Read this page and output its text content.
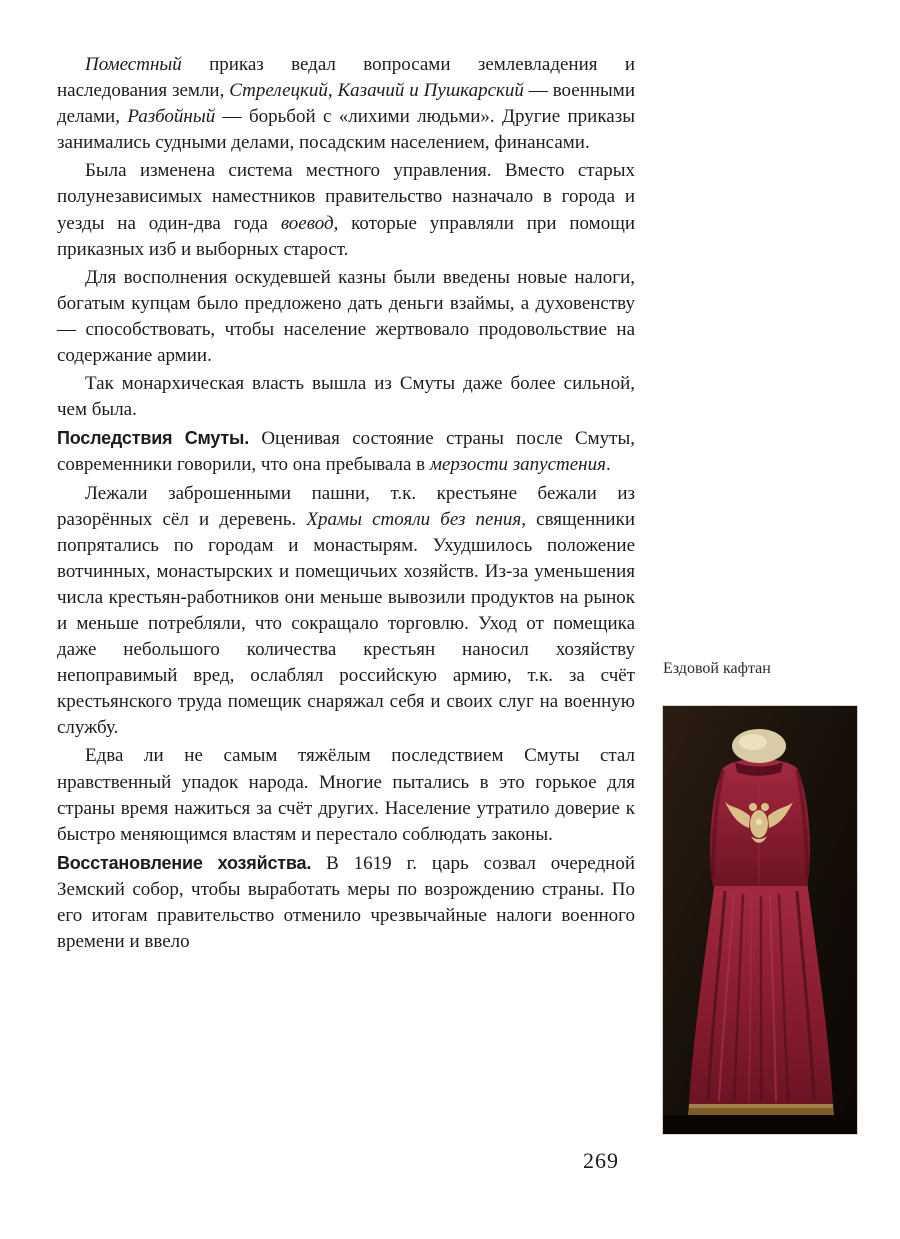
Поместный приказ ведал вопросами землевладения и наследования земли, Стрелецкий, Казачий и Пушкарский — военными делами, Разбойный — борьбой с «лихими людьми». Другие приказы занимались судными делами, посадским населением, финансами.

Была изменена система местного управления. Вместо старых полунезависимых наместников правительство назначало в города и уезды на один-два года воевод, которые управляли при помощи приказных изб и выборных старост.

Для восполнения оскудевшей казны были введены новые налоги, богатым купцам было предложено дать деньги взаймы, а духовенству — способствовать, чтобы население жертвовало продовольствие на содержание армии.

Так монархическая власть вышла из Смуты даже более сильной, чем была.

Последствия Смуты. Оценивая состояние страны после Смуты, современники говорили, что она пребывала в мерзости запустения.

Лежали заброшенными пашни, т.к. крестьяне бежали из разорённых сёл и деревень. Храмы стояли без пения, священники попрятались по городам и монастырям. Ухудшилось положение вотчинных, монастырских и помещичьих хозяйств. Из-за уменьшения числа крестьян-работников они меньше вывозили продуктов на рынок и меньше потребляли, что сокращало торговлю. Уход от помещика даже небольшого количества крестьян наносил хозяйству непоправимый вред, ослаблял российскую армию, т.к. за счёт крестьянского труда помещик снаряжал себя и своих слуг на военную службу.

Едва ли не самым тяжёлым последствием Смуты стал нравственный упадок народа. Многие пытались в это горькое для страны время нажиться за счёт других. Население утратило доверие к быстро меняющимся властям и перестало соблюдать законы.

Восстановление хозяйства. В 1619 г. царь созвал очередной Земский собор, чтобы выработать меры по возрождению страны. По его итогам правительство отменило чрезвычайные налоги военного времени и ввело

Ездовой кафтан
269
